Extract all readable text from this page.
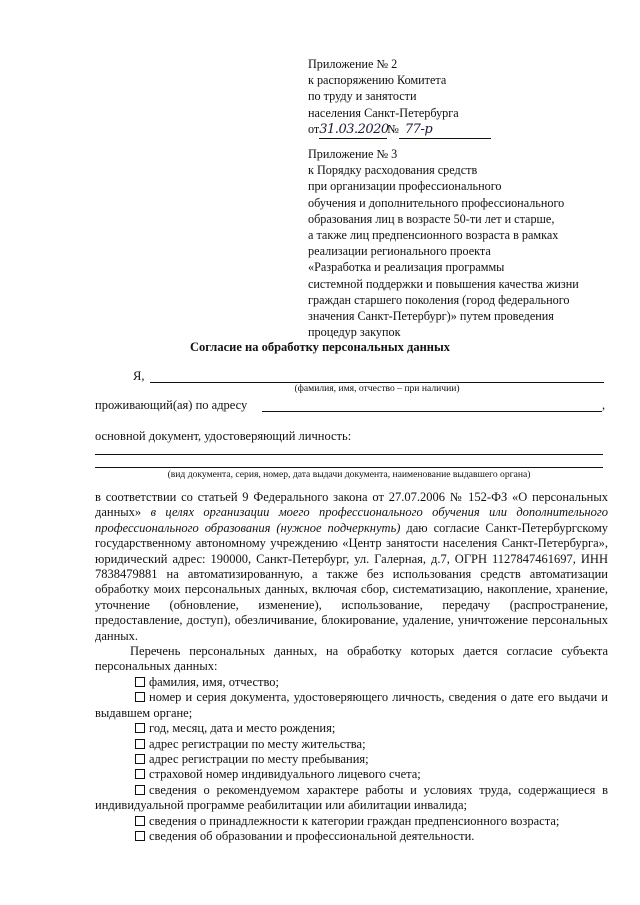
Приложение № 2
к распоряжению Комитета
по труду и занятости
населения Санкт-Петербурга
от31.03.2020№ 77-р
Приложение № 3
к Порядку расходования средств
при организации профессионального
обучения и дополнительного профессионального
образования лиц в возрасте 50-ти лет и старше,
а также лиц предпенсионного возраста в рамках
реализации регионального проекта
«Разработка и реализация программы
системной поддержки и повышения качества жизни
граждан старшего поколения (город федерального
значения Санкт-Петербург)» путем проведения
процедур закупок
Согласие на обработку персональных данных
Я,
(фамилия, имя, отчество – при наличии)
проживающий(ая) по адресу	,
основной документ, удостоверяющий личность:
(вид документа, серия, номер, дата выдачи документа, наименование выдавшего органа)

в соответствии со статьей 9 Федерального закона от 27.07.2006 № 152-ФЗ «О персональных данных» в целях организации моего профессионального обучения или дополнительного профессионального образования (нужное подчеркнуть) даю согласие Санкт-Петербургскому государственному автономному учреждению «Центр занятости населения Санкт-Петербурга», юридический адрес: 190000, Санкт-Петербург, ул. Галерная, д.7, ОГРН 1127847461697, ИНН 7838479881 на автоматизированную, а также без использования средств автоматизации обработку моих персональных данных, включая сбор, систематизацию, накопление, хранение, уточнение (обновление, изменение), использование, передачу (распространение, предоставление, доступ), обезличивание, блокирование, удаление, уничтожение персональных данных.

Перечень персональных данных, на обработку которых дается согласие субъекта персональных данных:

фамилия, имя, отчество;

номер и серия документа, удостоверяющего личность, сведения о дате его выдачи и выдавшем органе;

год, месяц, дата и место рождения;

адрес регистрации по месту жительства;

адрес регистрации по месту пребывания;

страховой номер индивидуального лицевого счета;

сведения о рекомендуемом характере работы и условиях труда, содержащиеся в индивидуальной программе реабилитации или абилитации инвалида;

сведения о принадлежности к категории граждан предпенсионного возраста;

сведения об образовании и профессиональной деятельности.
